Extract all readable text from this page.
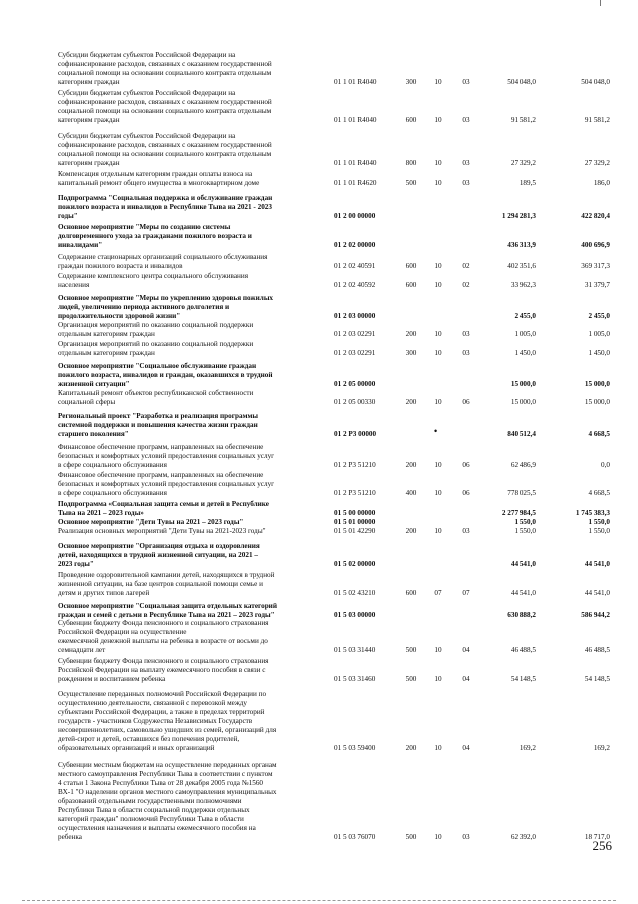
Субсидии бюджетам субъектов Российской Федерации на
софинансирование расходов, связанных с оказанием государственной
социальной помощи на основании социального контракта отдельным
категориям граждан	01 1 01 R4040	300	10	03	504 048,0	504 048,0
Субсидии бюджетам субъектов Российской Федерации на
софинансирование расходов, связанных с оказанием государственной
социальной помощи на основании социального контракта отдельным
категориям граждан	01 1 01 R4040	600	10	03	91 581,2	91 581,2
Субсидии бюджетам субъектов Российской Федерации на
софинансирование расходов, связанных с оказанием государственной
социальной помощи на основании социального контракта отдельным
категориям граждан	01 1 01 R4040	800	10	03	27 329,2	27 329,2
Компенсация отдельным категориям граждан оплаты взноса на
капитальный ремонт общего имущества в многоквартирном доме	01 1 01 R4620	500	10	03	189,5	186,0
Подпрограмма "Социальная поддержка и обслуживание граждан
пожилого возраста и инвалидов в Республике Тыва на 2021 - 2023
годы"	01 2 00 00000	1 294 281,3	422 820,4
Основное мероприятие "Меры по созданию системы
долговременного ухода за гражданами пожилого возраста и
инвалидами"	01 2 02 00000	436 313,9	400 696,9
Содержание стационарных организаций социального обслуживания
граждан пожилого возраста и инвалидов	01 2 02 40591	600	10	02	402 351,6	369 317,3
Содержание комплексного центра социального обслуживания
населения	01 2 02 40592	600	10	02	33 962,3	31 379,7
Основное мероприятие "Меры по укреплению здоровья пожилых
людей, увеличению периода активного долголетия и
продолжительности здоровой жизни"	01 2 03 00000	2 455,0	2 455,0
Организация мероприятий по оказанию социальной поддержки
отдельным категориям граждан	01 2 03 02291	200	10	03	1 005,0	1 005,0
Организация мероприятий по оказанию социальной поддержки
отдельным категориям граждан	01 2 03 02291	300	10	03	1 450,0	1 450,0
Основное мероприятие "Социальное обслуживание граждан
пожилого возраста, инвалидов и граждан, оказавшихся в трудной
жизненной ситуации"	01 2 05 00000	15 000,0	15 000,0
Капитальный ремонт объектов республиканской собственности
социальной сферы	01 2 05 00330	200	10	06	15 000,0	15 000,0
Региональный проект "Разработка и реализация программы
системной поддержки и повышения качества жизни граждан
старшего поколения"	01 2 P3 00000	840 512,4	4 668,5
Финансовое обеспечение программ, направленных на обеспечение
безопасных и комфортных условий предоставления социальных услуг
в сфере социального обслуживания	01 2 P3 51210	200	10	06	62 486,9	0,0
Финансовое обеспечение программ, направленных на обеспечение
безопасных и комфортных условий предоставления социальных услуг
в сфере социального обслуживания	01 2 P3 51210	400	10	06	778 025,5	4 668,5
Подпрограмма «Социальная защита семьи и детей в Республике
Тыва на 2021 – 2023 годы»	01 5 00 00000	2 277 984,5	1 745 383,3
Основное мероприятие "Дети Тувы на 2021 – 2023 годы"	01 5 01 00000	1 550,0	1 550,0
Реализация основных мероприятий "Дети Тувы на 2021-2023 годы"	01 5 01 42290	200	10	03	1 550,0	1 550,0
Основное мероприятие "Организация отдыха и оздоровления
детей, находящихся в трудной жизненной ситуации, на 2021 –
2023 годы"	01 5 02 00000	44 541,0	44 541,0
Проведение оздоровительной кампании детей, находящихся в трудной
жизненной ситуации, на базе центров социальной помощи семье и
детям и других типов лагерей	01 5 02 43210	600	07	07	44 541,0	44 541,0
Основное мероприятие "Социальная защита отдельных категорий
граждан и семей с детьми в Республике Тыва на 2021 – 2023 годы"	01 5 03 00000	630 888,2	586 944,2
Субвенции бюджету Фонда пенсионного и социального страхования
Российской Федерации на осуществление
ежемесячной денежной выплаты на ребенка в возрасте от восьми до
семнадцати лет	01 5 03 31440	500	10	04	46 488,5	46 488,5
Субвенции бюджету Фонда пенсионного и социального страхования
Российской Федерации на выплату ежемесячного пособия в связи с
рождением и воспитанием ребенка	01 5 03 31460	500	10	04	54 148,5	54 148,5
Осуществление переданных полномочий Российской Федерации по
осуществлению деятельности, связанной с перевозкой между
субъектами Российской Федерации, а также в пределах территорий
государств - участников Содружества Независимых Государств
несовершеннолетних, самовольно ушедших из семей, организаций для
детей-сирот и детей, оставшихся без попечения родителей,
образовательных организаций и иных организаций	01 5 03 59400	200	10	04	169,2	169,2
Субвенции местным бюджетам на осуществление переданных органам
местного самоуправления Республики Тыва в соответствии с пунктом
4 статьи 1 Закона Республики Тыва от 28 декабря 2005 года №1560
ВХ-1 "О наделении органов местного самоуправления муниципальных
образований отдельными государственными полномочиями
Республики Тыва в области социальной поддержки отдельных
категорий граждан" полномочий Республики Тыва в области
осуществления назначения и выплаты ежемесячного пособия на
ребенка	01 5 03 76070	500	10	03	62 392,0	18 717,0
•
256
